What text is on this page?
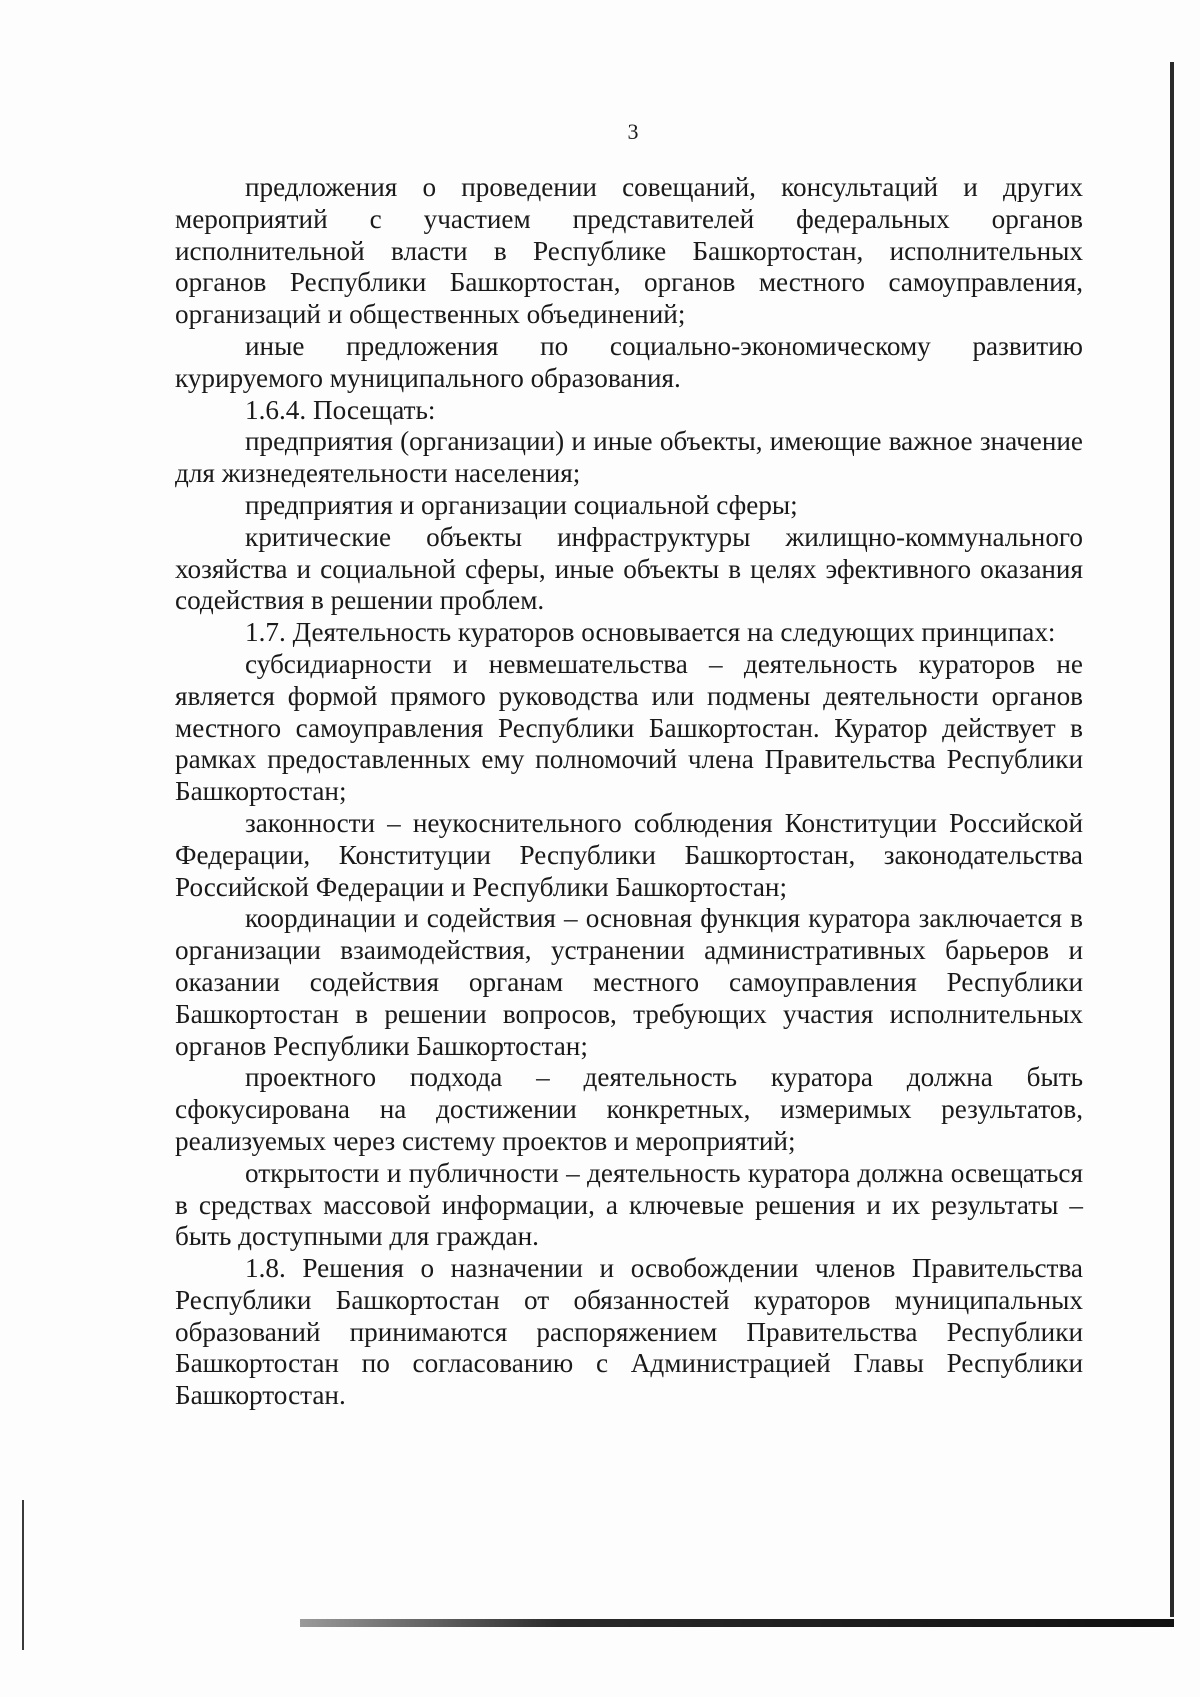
3

предложения о проведении совещаний, консультаций и других мероприятий с участием представителей федеральных органов исполнительной власти в Республике Башкортостан, исполнительных органов Республики Башкортостан, органов местного самоуправления, организаций и общественных объединений;

иные предложения по социально-экономическому развитию курируемого муниципального образования.

1.6.4. Посещать:

предприятия (организации) и иные объекты, имеющие важное значение для жизнедеятельности населения;

предприятия и организации социальной сферы;

критические объекты инфраструктуры жилищно-коммунального хозяйства и социальной сферы, иные объекты в целях эфективного оказания содействия в решении проблем.

1.7. Деятельность кураторов основывается на следующих принципах:

субсидиарности и невмешательства – деятельность кураторов не является формой прямого руководства или подмены деятельности органов местного самоуправления Республики Башкортостан. Куратор действует в рамках предоставленных ему полномочий члена Правительства Республики Башкортостан;

законности – неукоснительного соблюдения Конституции Российской Федерации, Конституции Республики Башкортостан, законодательства Российской Федерации и Республики Башкортостан;

координации и содействия – основная функция куратора заключается в организации взаимодействия, устранении административных барьеров и оказании содействия органам местного самоуправления Республики Башкортостан в решении вопросов, требующих участия исполнительных органов Республики Башкортостан;

проектного подхода – деятельность куратора должна быть сфокусирована на достижении конкретных, измеримых результатов, реализуемых через систему проектов и мероприятий;

открытости и публичности – деятельность куратора должна освещаться в средствах массовой информации, а ключевые решения и их результаты – быть доступными для граждан.

1.8. Решения о назначении и освобождении членов Правительства Республики Башкортостан от обязанностей кураторов муниципальных образований принимаются распоряжением Правительства Республики Башкортостан по согласованию с Администрацией Главы Республики Башкортостан.
